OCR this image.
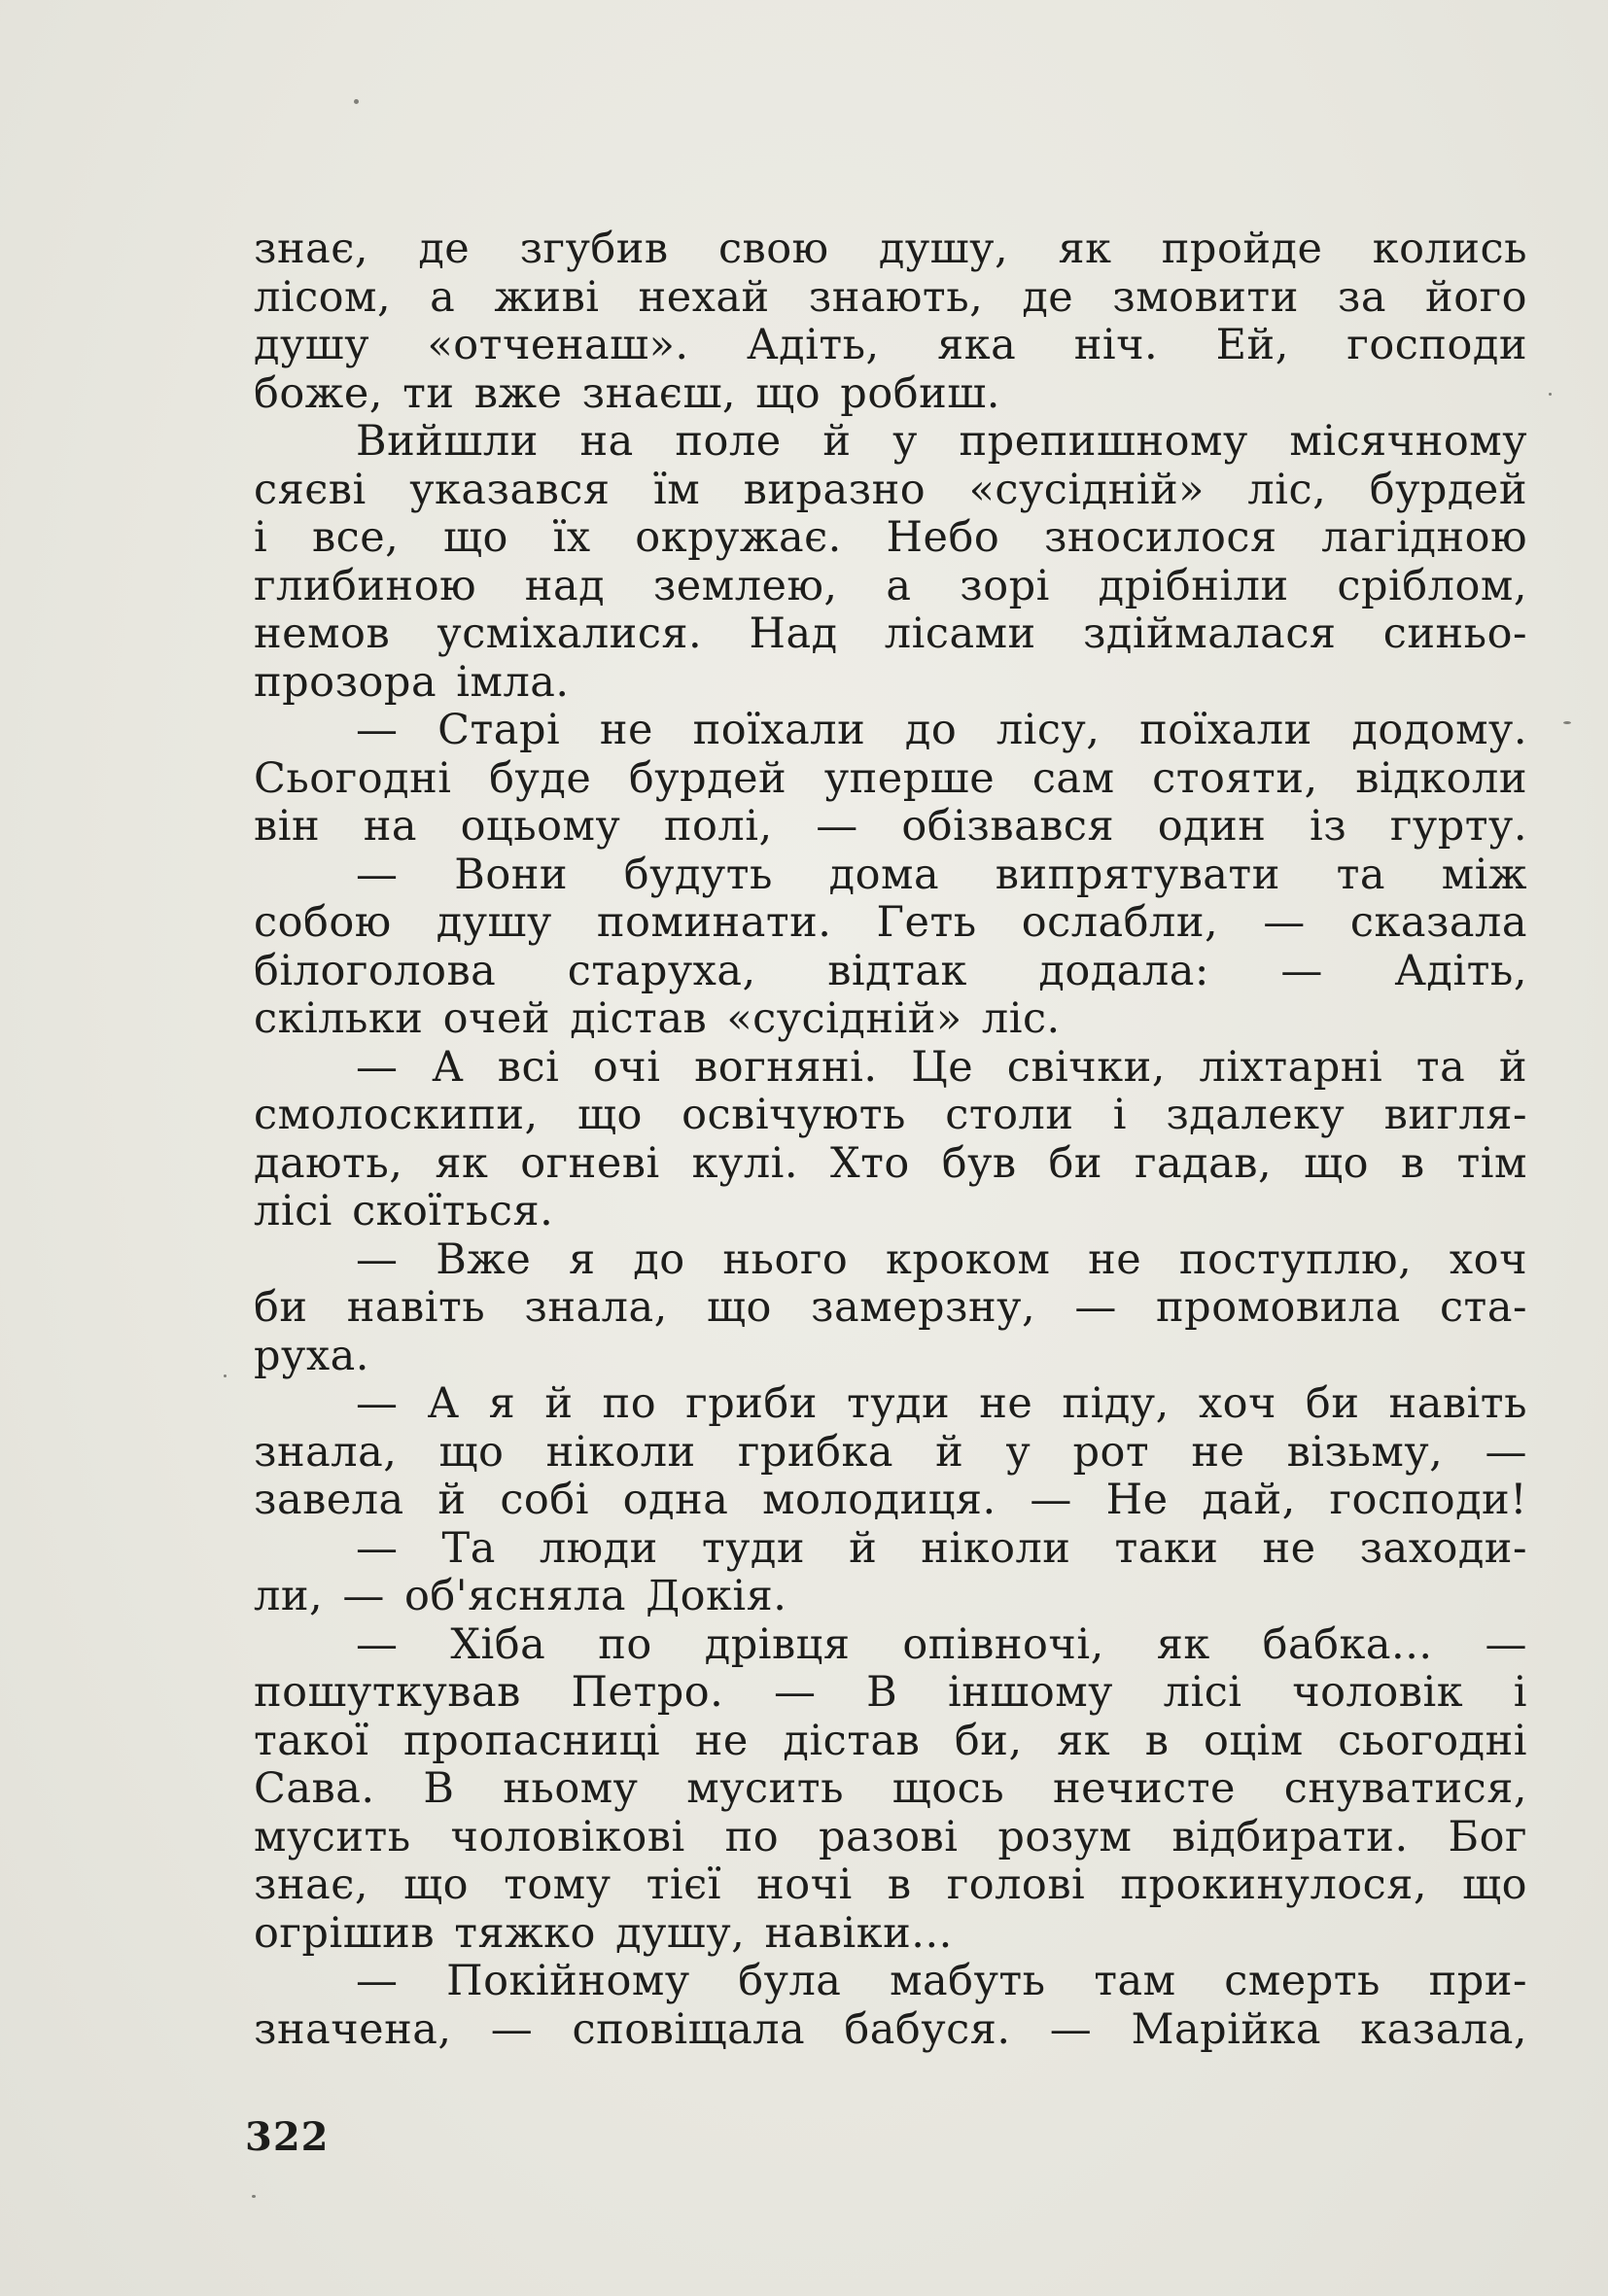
знає, де згубив свою душу, як пройде колись
лісом, а живі нехай знають, де змовити за його
душу «отченаш». Адіть, яка ніч. Ей, господи
боже, ти вже знаєш, що робиш.
Вийшли на поле й у препишному місячному
сяєві указався їм виразно «сусідній» ліс, бурдей
і все, що їх окружає. Небо зносилося лагідною
глибиною над землею, а зорі дрібніли сріблом,
немов усміхалися. Над лісами здіймалася синьо-
прозора імла.
— Старі не поїхали до лісу, поїхали додому.
Сьогодні буде бурдей уперше сам стояти, відколи
він на оцьому полі, — обізвався один із гурту.
— Вони будуть дома випрятувати та між
собою душу поминати. Геть ослабли, — сказала
білоголова старуха, відтак додала: — Адіть,
скільки очей дістав «сусідній» ліс.
— А всі очі вогняні. Це свічки, ліхтарні та й
смолоскипи, що освічують столи і здалеку вигля-
дають, як огневі кулі. Хто був би гадав, що в тім
лісі скоїться.
— Вже я до нього кроком не поступлю, хоч
би навіть знала, що замерзну, — промовила ста-
руха.
— А я й по гриби туди не піду, хоч би навіть
знала, що ніколи грибка й у рот не візьму, —
завела й собі одна молодиця. — Не дай, господи!
— Та люди туди й ніколи таки не заходи-
ли, — об'ясняла Докія.
— Хіба по дрівця опівночі, як бабка... —
пошуткував Петро. — В іншому лісі чоловік і
такої пропасниці не дістав би, як в оцім сьогодні
Сава. В ньому мусить щось нечисте снуватися,
мусить чоловікові по разові розум відбирати. Бог
знає, що тому тієї ночі в голові прокинулося, що
огрішив тяжко душу, навіки...
— Покійному була мабуть там смерть при-
значена, — сповіщала бабуся. — Марійка казала,
322
